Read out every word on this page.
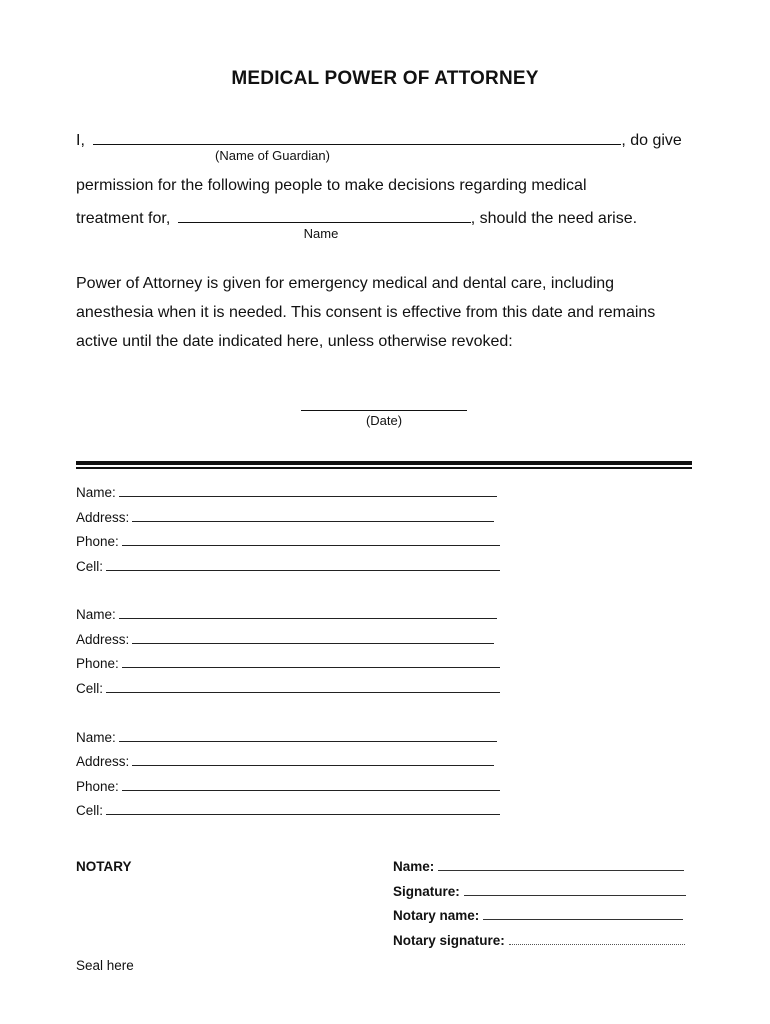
MEDICAL POWER OF ATTORNEY
I,	, do give
(Name of Guardian)
permission for the following people to make decisions regarding medical
treatment for,	, should the need arise.
Name
Power of Attorney is given for emergency medical and dental care, including
anesthesia when it is needed. This consent is effective from this date and remains
active until the date indicated here, unless otherwise revoked:
(Date)
Name:
Address:
Phone:
Cell:
Name:
Address:
Phone:
Cell:
Name:
Address:
Phone:
Cell:
NOTARY	Name:
Signature:
Notary name:
Notary signature:
Seal here
